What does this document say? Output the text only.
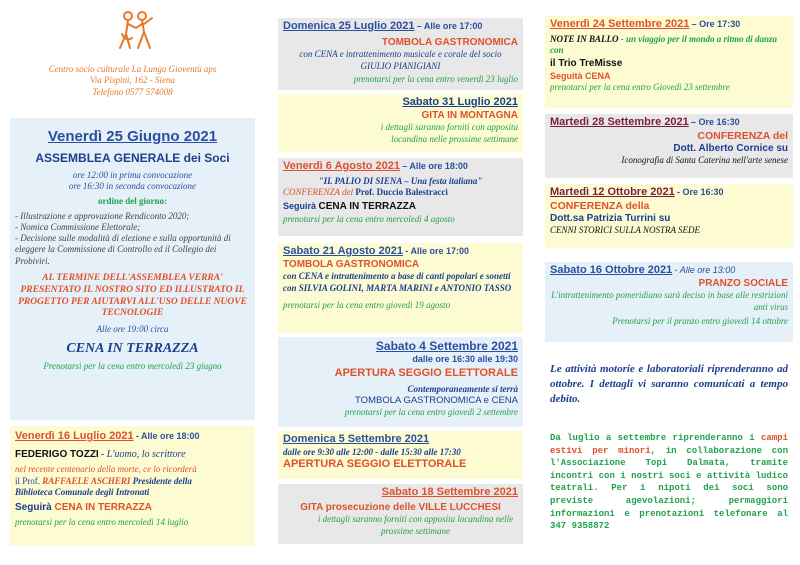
Centro socio culturale La Lunga Gioventù aps

Via Pispini, 162 - Siena

Telefono 0577 574008

Venerdì 25 Giugno 2021

ASSEMBLEA GENERALE dei Soci

ore 12:00 in prima convocazione

ore 16:30 in seconda convocazione

ordine del giorno:

- Illustrazione e approvazione Rendiconto 2020;

- Nomica Commissione Elettorale;

- Decisione sulle modalità di elezione e sulla opportunità di eleggere la Commissione di Controllo ed il Collegio dei Probiviri.

AL TERMINE DELL'ASSEMBLEA VERRA' PRESENTATO IL NOSTRO SITO ED ILLUSTRATO IL PROGETTO PER AIUTARVI ALL'USO DELLE NUOVE TECNOLOGIE

Alle ore 19:00 circa

CENA IN TERRAZZA

Prenotarsi per la cena entro mercoledì 23 giugno

Venerdì 16 Luglio 2021 - Alle ore 18:00

FEDERIGO TOZZI - L'uomo, lo scrittore

nel recente centenario della morte, ce lo ricorderà

il Prof. RAFFAELE ASCHERI Presidente della

Biblioteca Comunale degli Intronati

Seguirà CENA IN TERRAZZA

prenotarsi per la cena entro mercoledì 14 luglio

Domenica 25 Luglio 2021 – Alle ore 17:00

TOMBOLA GASTRONOMICA

con CENA e intrattenimento musicale e corale del socio GIULIO PIANIGIANI

prenotarsi per la cena entro venerdì 23 luglio

Sabato 31 Luglio 2021

GITA IN MONTAGNA

i dettagli saranno forniti con apposita locandina nelle prossime settimane

Venerdì 6 Agosto 2021 – Alle ore 18:00

"IL PALIO DI SIENA – Una festa italiana"

CONFERENZA del Prof. Duccio Balestracci

Seguirà CENA IN TERRAZZA

prenotarsi per la cena entro mercoledì 4 agosto

Sabato 21 Agosto 2021 - Alle ore 17:00

TOMBOLA GASTRONOMICA

con CENA e intrattenimento a base di canti popolari e sonetti con SILVIA GOLINI, MARTA MARINI e ANTONIO TASSO

prenotarsi per la cena entro giovedì 19 agosto

Sabato 4 Settembre 2021

dalle ore 16:30 alle 19:30

APERTURA SEGGIO ELETTORALE

Contemporaneamente si terrà

TOMBOLA GASTRONOMICA e CENA

prenotarsi per la cena entro giovedì 2 settembre

Domenica 5 Settembre 2021

dalle ore 9:30 alle 12:00 - dalle 15:30 alle 17:30

APERTURA SEGGIO ELETTORALE

Sabato 18 Settembre 2021

GITA prosecuzione delle VILLE LUCCHESI

i dettagli saranno forniti con apposita locandina nelle prossime settimane

Venerdì 24 Settembre 2021 – Ore 17:30

NOTE IN BALLO - un viaggio per il mondo a ritmo di danza con

il Trio TreMisse

Seguità CENA

prenotarsi per la cena entro Giovedì 23 settembre

Martedì 28 Settembre 2021 – Ore 16:30

CONFERENZA del

Dott. Alberto Cornice su

Iconografia di Santa Caterina nell'arte senese

Martedì 12 Ottobre 2021 - Ore 16:30

CONFERENZA della

Dott.sa Patrizia Turrini su

CENNI STORICI SULLA NOSTRA SEDE

Sabato 16 Ottobre 2021 - Alle ore 13:00

PRANZO SOCIALE

L'intrattenimento pomeridiano sarà deciso in base alle restrizioni anti virus

Prenotarsi per il pranzo entro giovedì 14 ottobre

Le attività motorie e laboratoriali riprenderanno ad ottobre. I dettagli vi saranno comunicati a tempo debito.

Da luglio a settembre riprenderanno i campi estivi per minori, in collaborazione con l'Associazione Topi Dalmata, tramite incontri con i nostri soci e attività ludico teatrali. Per i nipoti dei soci sono previste agevolazioni; permaggiori informazioni e prenotazioni telefonare al 347 9358872
